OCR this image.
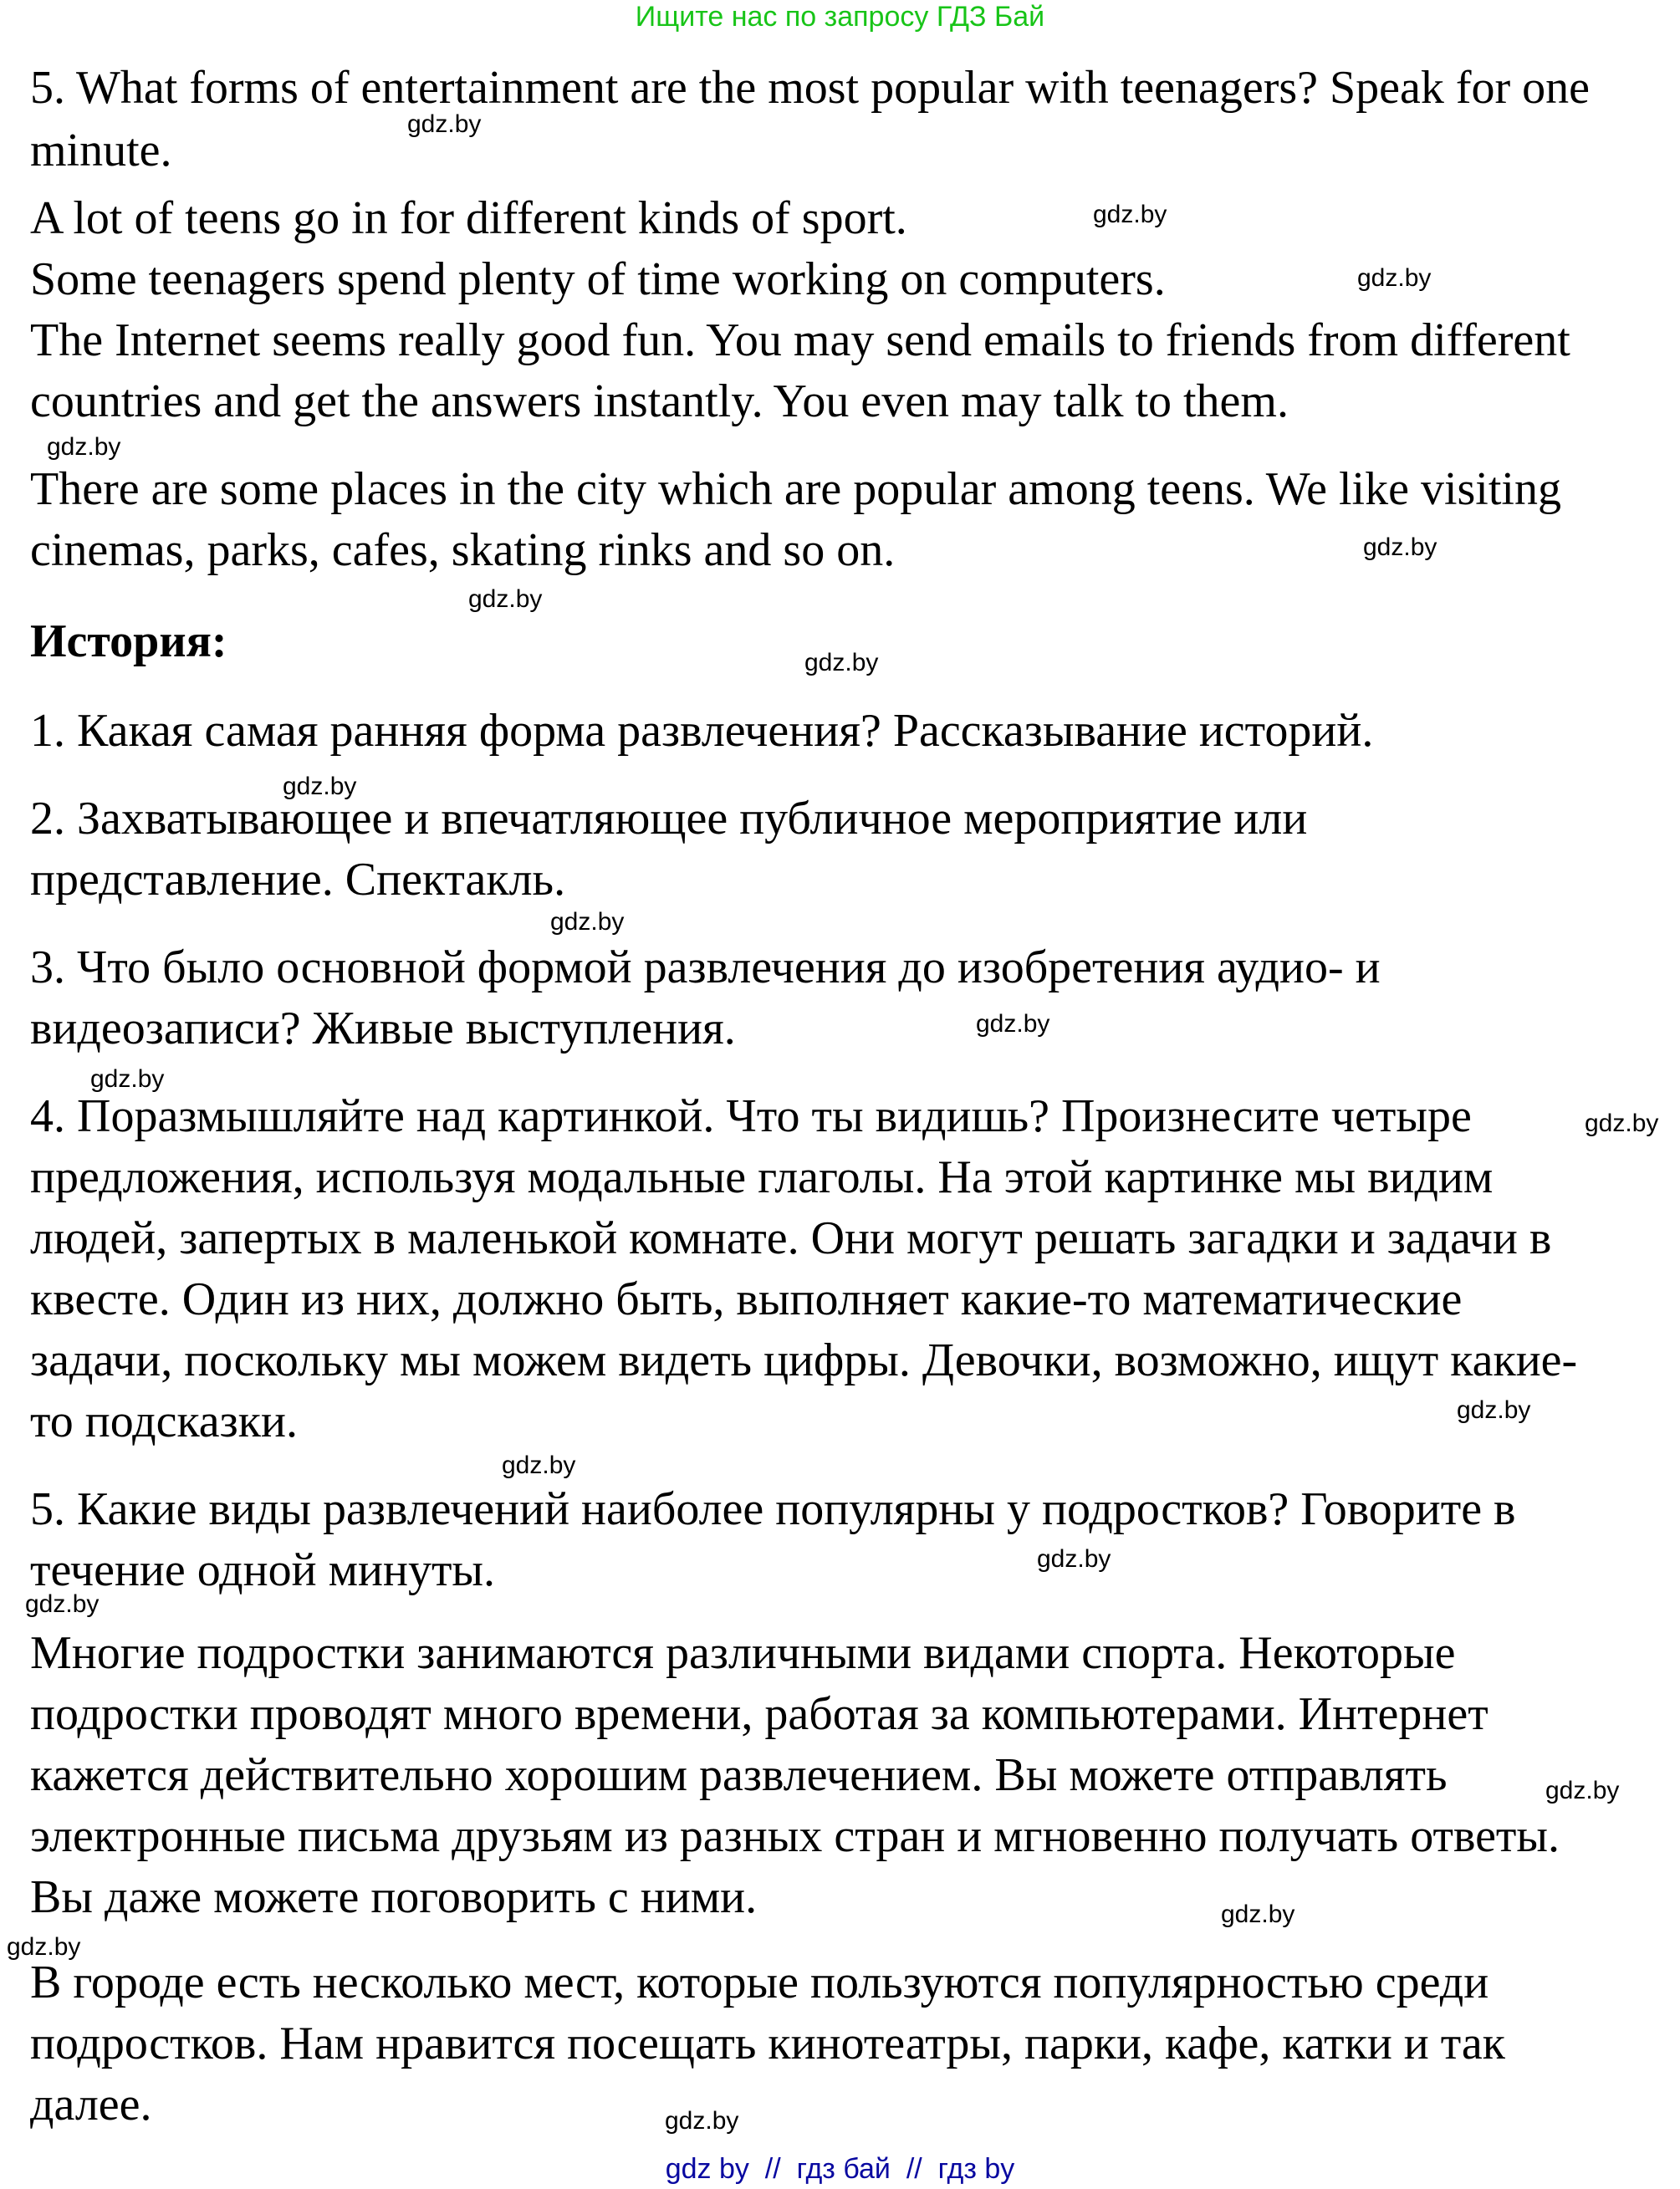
Ищите нас по запросу ГДЗ Бай
5. What forms of entertainment are the most popular with teenagers? Speak for one
minute.
A lot of teens go in for different kinds of sport.
Some teenagers spend plenty of time working on computers.
The Internet seems really good fun. You may send emails to friends from different
countries and get the answers instantly. You even may talk to them.
There are some places in the city which are popular among teens. We like visiting
cinemas, parks, cafes, skating rinks and so on.
История:
1. Какая самая ранняя форма развлечения? Рассказывание историй.
2. Захватывающее и впечатляющее публичное мероприятие или
представление. Спектакль.
3. Что было основной формой развлечения до изобретения аудио- и
видеозаписи? Живые выступления.
4. Поразмышляйте над картинкой. Что ты видишь? Произнесите четыре
предложения, используя модальные глаголы. На этой картинке мы видим
людей, запертых в маленькой комнате. Они могут решать загадки и задачи в
квесте. Один из них, должно быть, выполняет какие-то математические
задачи, поскольку мы можем видеть цифры. Девочки, возможно, ищут какие-
то подсказки.
5. Какие виды развлечений наиболее популярны у подростков? Говорите в
течение одной минуты.
Многие подростки занимаются различными видами спорта. Некоторые
подростки проводят много времени, работая за компьютерами. Интернет
кажется действительно хорошим развлечением. Вы можете отправлять
электронные письма друзьям из разных стран и мгновенно получать ответы.
Вы даже можете поговорить с ними.
В городе есть несколько мест, которые пользуются популярностью среди
подростков. Нам нравится посещать кинотеатры, парки, кафе, катки и так
далее.
gdz.by
gdz.by
gdz.by
gdz.by
gdz.by
gdz.by
gdz.by
gdz.by
gdz.by
gdz.by
gdz.by
gdz.by
gdz.by
gdz.by
gdz.by
gdz.by
gdz.by
gdz.by
gdz.by
gdz.by
gdz by  //  гдз бай  //  гдз by
